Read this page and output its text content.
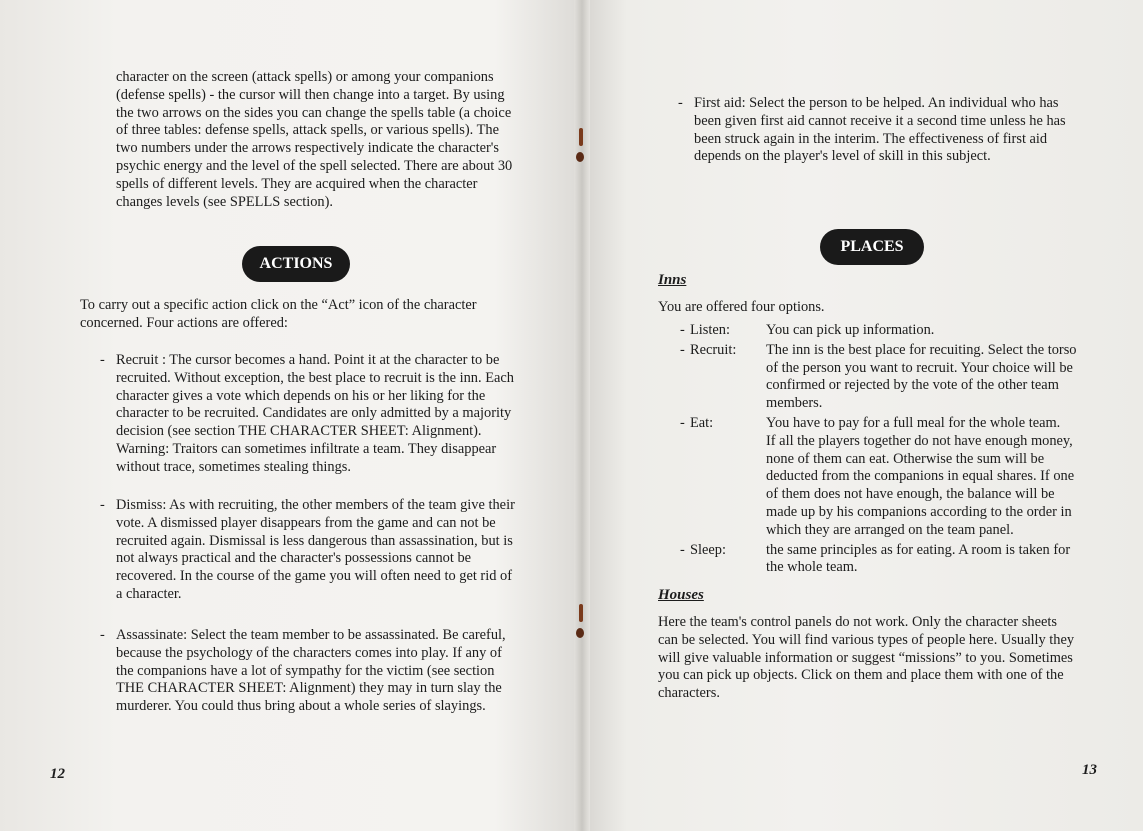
character on the screen (attack spells) or among your companions (defense spells) - the cursor will then change into a target. By using the two arrows on the sides you can change the spells table (a choice of three tables: defense spells, attack spells, or various spells). The two numbers under the arrows respectively indicate the character's psychic energy and the level of the spell selected. There are about 30 spells of different levels. They are acquired when the character changes levels (see SPELLS section).

ACTIONS

To carry out a specific action click on the “Act” icon of the character concerned. Four actions are offered:

- Recruit : The cursor becomes a hand. Point it at the character to be recruited. Without exception, the best place to recruit is the inn. Each character gives a vote which depends on his or her liking for the character to be recruited. Candidates are only admitted by a majority decision (see section THE CHARACTER SHEET: Alignment). Warning: Traitors can sometimes infiltrate a team. They disappear without trace, sometimes stealing things.

- Dismiss: As with recruiting, the other members of the team give their vote. A dismissed player disappears from the game and can not be recruited again. Dismissal is less dangerous than assassination, but is not always practical and the character's possessions cannot be recovered. In the course of the game you will often need to get rid of a character.

- Assassinate: Select the team member to be assassinated. Be careful, because the psychology of the characters comes into play. If any of the companions have a lot of sympathy for the victim (see section THE CHARACTER SHEET: Alignment) they may in turn slay the murderer. You could thus bring about a whole series of slayings.

12
- First aid: Select the person to be helped. An individual who has been given first aid cannot receive it a second time unless he has been struck again in the interim. The effectiveness of first aid depends on the player's level of skill in this subject.

PLACES
Inns

You are offered four options.

- Listen:	You can pick up information.

- Recruit: The inn is the best place for recuiting. Select the torso of the person you want to recruit. Your choice will be confirmed or rejected by the vote of the other team members.

- Eat:	You have to pay for a full meal for the whole team.

If all the players together do not have enough money, none of them can eat. Otherwise the sum will be deducted from the companions in equal shares. If one of them does not have enough, the balance will be made up by his companions according to the order in which they are arranged on the team panel.

- Sleep:	the same principles as for eating. A room is taken for the whole team.

Houses

Here the team's control panels do not work. Only the character sheets can be selected. You will find various types of people here. Usually they will give valuable information or suggest “missions” to you. Sometimes you can pick up objects. Click on them and place them with one of the characters.

13
